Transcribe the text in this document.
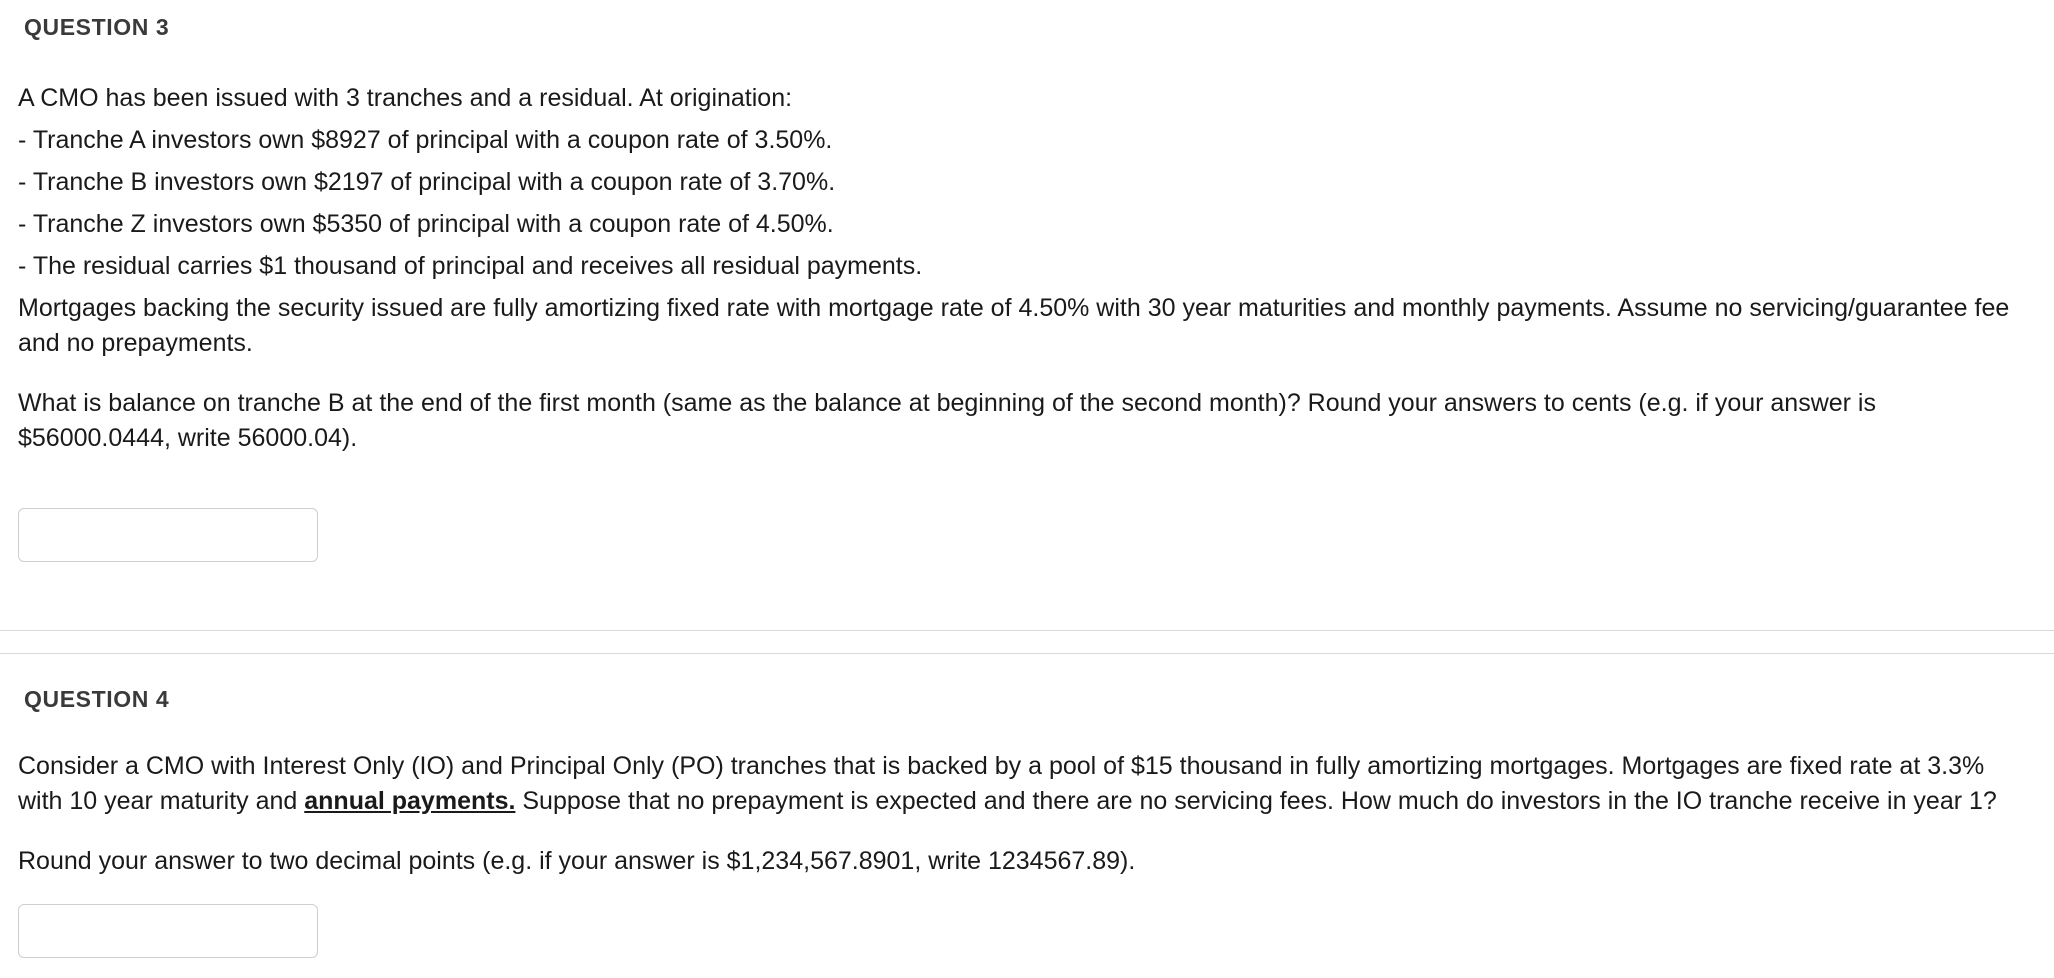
QUESTION 3
A CMO has been issued with 3 tranches and a residual. At origination:
- Tranche A investors own $8927 of principal with a coupon rate of 3.50%.
- Tranche B investors own $2197 of principal with a coupon rate of 3.70%.
- Tranche Z investors own $5350 of principal with a coupon rate of 4.50%.
- The residual carries $1 thousand of principal and receives all residual payments.

Mortgages backing the security issued are fully amortizing fixed rate with mortgage rate of 4.50% with 30 year maturities and monthly payments. Assume no servicing/guarantee fee and no prepayments.

What is balance on tranche B at the end of the first month (same as the balance at beginning of the second month)? Round your answers to cents (e.g. if your answer is $56000.0444, write 56000.04).

QUESTION 4

Consider a CMO with Interest Only (IO) and Principal Only (PO) tranches that is backed by a pool of $15 thousand in fully amortizing mortgages. Mortgages are fixed rate at 3.3% with 10 year maturity and annual payments. Suppose that no prepayment is expected and there are no servicing fees. How much do investors in the IO tranche receive in year 1?

Round your answer to two decimal points (e.g. if your answer is $1,234,567.8901, write 1234567.89).
